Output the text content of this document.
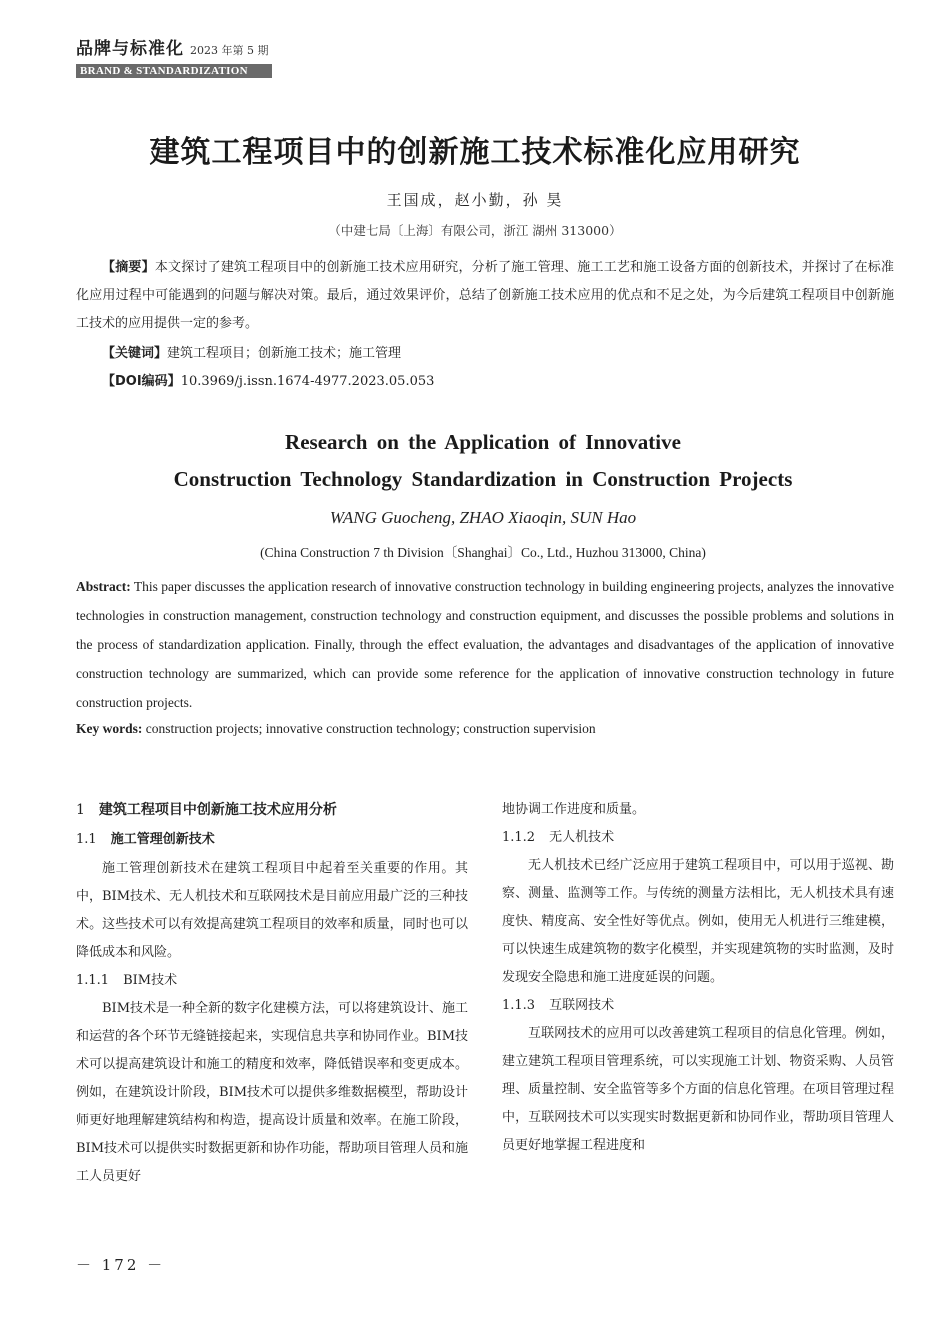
品牌与标准化 2023 年第 5 期
BRAND & STANDARDIZATION
建筑工程项目中的创新施工技术标准化应用研究
王国成，赵小勤，孙 昊
（中建七局〔上海〕有限公司，浙江 湖州 313000）
【摘要】本文探讨了建筑工程项目中的创新施工技术应用研究，分析了施工管理、施工工艺和施工设备方面的创新技术，并探讨了在标准化应用过程中可能遇到的问题与解决对策。最后，通过效果评价，总结了创新施工技术应用的优点和不足之处，为今后建筑工程项目中创新施工技术的应用提供一定的参考。
【关键词】建筑工程项目；创新施工技术；施工管理
【DOI编码】10.3969/j.issn.1674-4977.2023.05.053
Research on the Application of Innovative
Construction Technology Standardization in Construction Projects
WANG Guocheng, ZHAO Xiaoqin, SUN Hao
(China Construction 7 th Division〔Shanghai〕Co., Ltd., Huzhou 313000, China)
Abstract: This paper discusses the application research of innovative construction technology in building engineering projects, analyzes the innovative technologies in construction management, construction technology and construction equipment, and discusses the possible problems and solutions in the process of standardization application. Finally, through the effect evaluation, the advantages and disadvantages of the application of innovative construction technology are summarized, which can provide some reference for the application of innovative construction technology in future construction projects.
Key words: construction projects; innovative construction technology; construction supervision
1 建筑工程项目中创新施工技术应用分析
1.1 施工管理创新技术

施工管理创新技术在建筑工程项目中起着至关重要的作用。其中，BIM技术、无人机技术和互联网技术是目前应用最广泛的三种技术。这些技术可以有效提高建筑工程项目的效率和质量，同时也可以降低成本和风险。

1.1.1 BIM技术

BIM技术是一种全新的数字化建模方法，可以将建筑设计、施工和运营的各个环节无缝链接起来，实现信息共享和协同作业。BIM技术可以提高建筑设计和施工的精度和效率，降低错误率和变更成本。例如，在建筑设计阶段，BIM技术可以提供多维数据模型，帮助设计师更好地理解建筑结构和构造，提高设计质量和效率。在施工阶段，BIM技术可以提供实时数据更新和协作功能，帮助项目管理人员和施工人员更好

地协调工作进度和质量。

1.1.2 无人机技术

无人机技术已经广泛应用于建筑工程项目中，可以用于巡视、勘察、测量、监测等工作。与传统的测量方法相比，无人机技术具有速度快、精度高、安全性好等优点。例如，使用无人机进行三维建模，可以快速生成建筑物的数字化模型，并实现建筑物的实时监测，及时发现安全隐患和施工进度延误的问题。

1.1.3 互联网技术

互联网技术的应用可以改善建筑工程项目的信息化管理。例如，建立建筑工程项目管理系统，可以实现施工计划、物资采购、人员管理、质量控制、安全监管等多个方面的信息化管理。在项目管理过程中，互联网技术可以实现实时数据更新和协同作业，帮助项目管理人员更好地掌握工程进度和

－ 172 －
